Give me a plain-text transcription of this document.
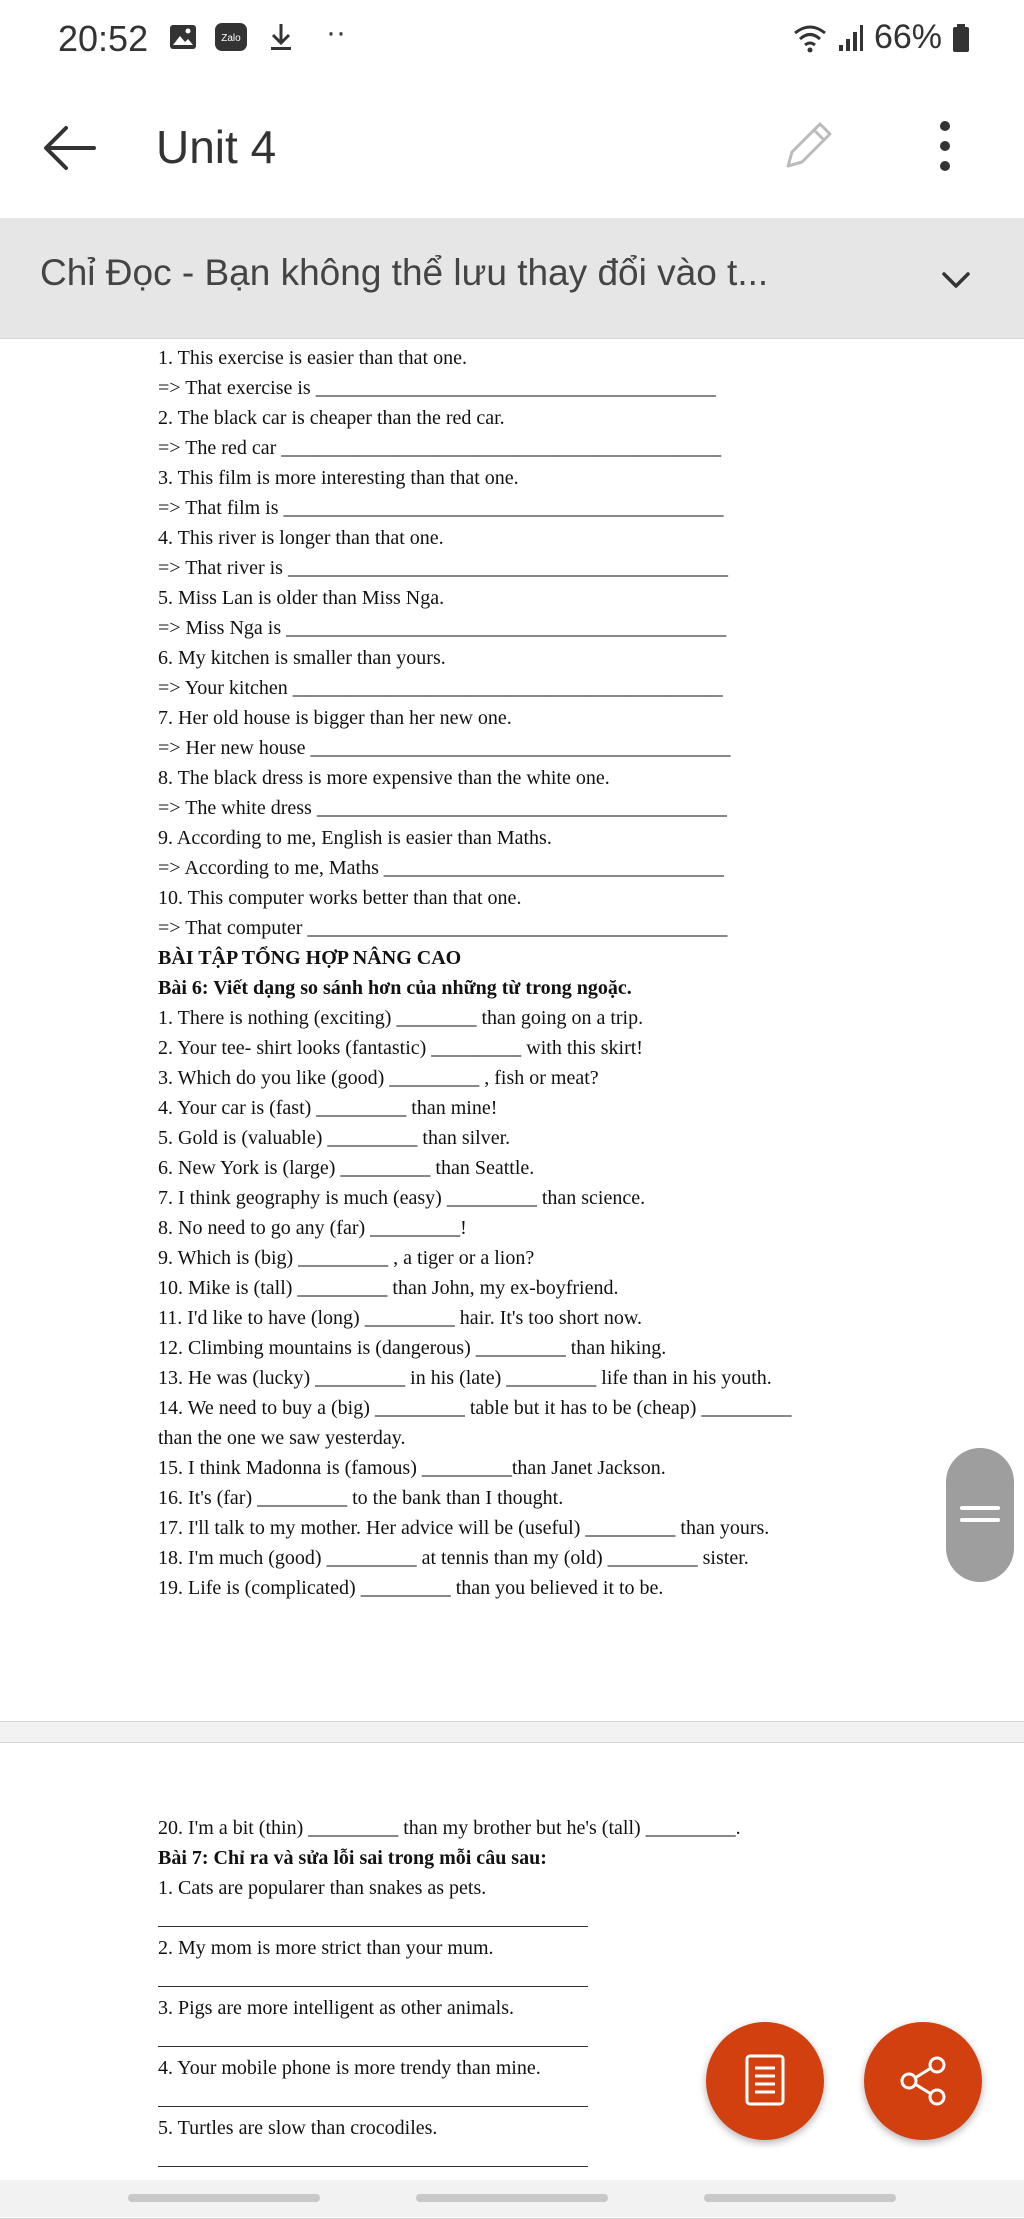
20:52	Zalo	··	66%
Unit 4
Chỉ Đọc - Bạn không thể lưu thay đổi vào t...
1. This exercise is easier than that one.
=> That exercise is ________________________________________
2. The black car is cheaper than the red car.
=> The red car ____________________________________________
3. This film is more interesting than that one.
=> That film is ____________________________________________
4. This river is longer than that one.
=> That river is ____________________________________________
5. Miss Lan is older than Miss Nga.
=> Miss Nga is ____________________________________________
6. My kitchen is smaller than yours.
=> Your kitchen ___________________________________________
7. Her old house is bigger than her new one.
=> Her new house __________________________________________
8. The black dress is more expensive than the white one.
=> The white dress _________________________________________
9. According to me, English is easier than Maths.
=> According to me, Maths __________________________________
10. This computer works better than that one.
=> That computer __________________________________________
BÀI TẬP TỔNG HỢP NÂNG CAO
Bài 6: Viết dạng so sánh hơn của những từ trong ngoặc.
1. There is nothing (exciting) ________ than going on a trip.
2. Your tee- shirt looks (fantastic) _________ with this skirt!
3. Which do you like (good) _________ , fish or meat?
4. Your car is (fast) _________ than mine!
5. Gold is (valuable) _________ than silver.
6. New York is (large) _________ than Seattle.
7. I think geography is much (easy) _________ than science.
8. No need to go any (far) _________!
9. Which is (big) _________ , a tiger or a lion?
10. Mike is (tall) _________ than John, my ex-boyfriend.
11. I'd like to have (long) _________ hair. It's too short now.
12. Climbing mountains is (dangerous) _________ than hiking.
13. He was (lucky) _________ in his (late) _________ life than in his youth.
14. We need to buy a (big) _________ table but it has to be (cheap) _________
than the one we saw yesterday.
15. I think Madonna is (famous) _________than Janet Jackson.
16. It's (far) _________ to the bank than I thought.
17. I'll talk to my mother. Her advice will be (useful) _________ than yours.
18. I'm much (good) _________ at tennis than my (old) _________ sister.
19. Life is (complicated) _________ than you believed it to be.
20. I'm a bit (thin) _________ than my brother but he's (tall) _________.
Bài 7: Chỉ ra và sửa lỗi sai trong mỗi câu sau:
1. Cats are popularer than snakes as pets.
2. My mom is more strict than your mum.
3. Pigs are more intelligent as other animals.
4. Your mobile phone is more trendy than mine.
5. Turtles are slow than crocodiles.
